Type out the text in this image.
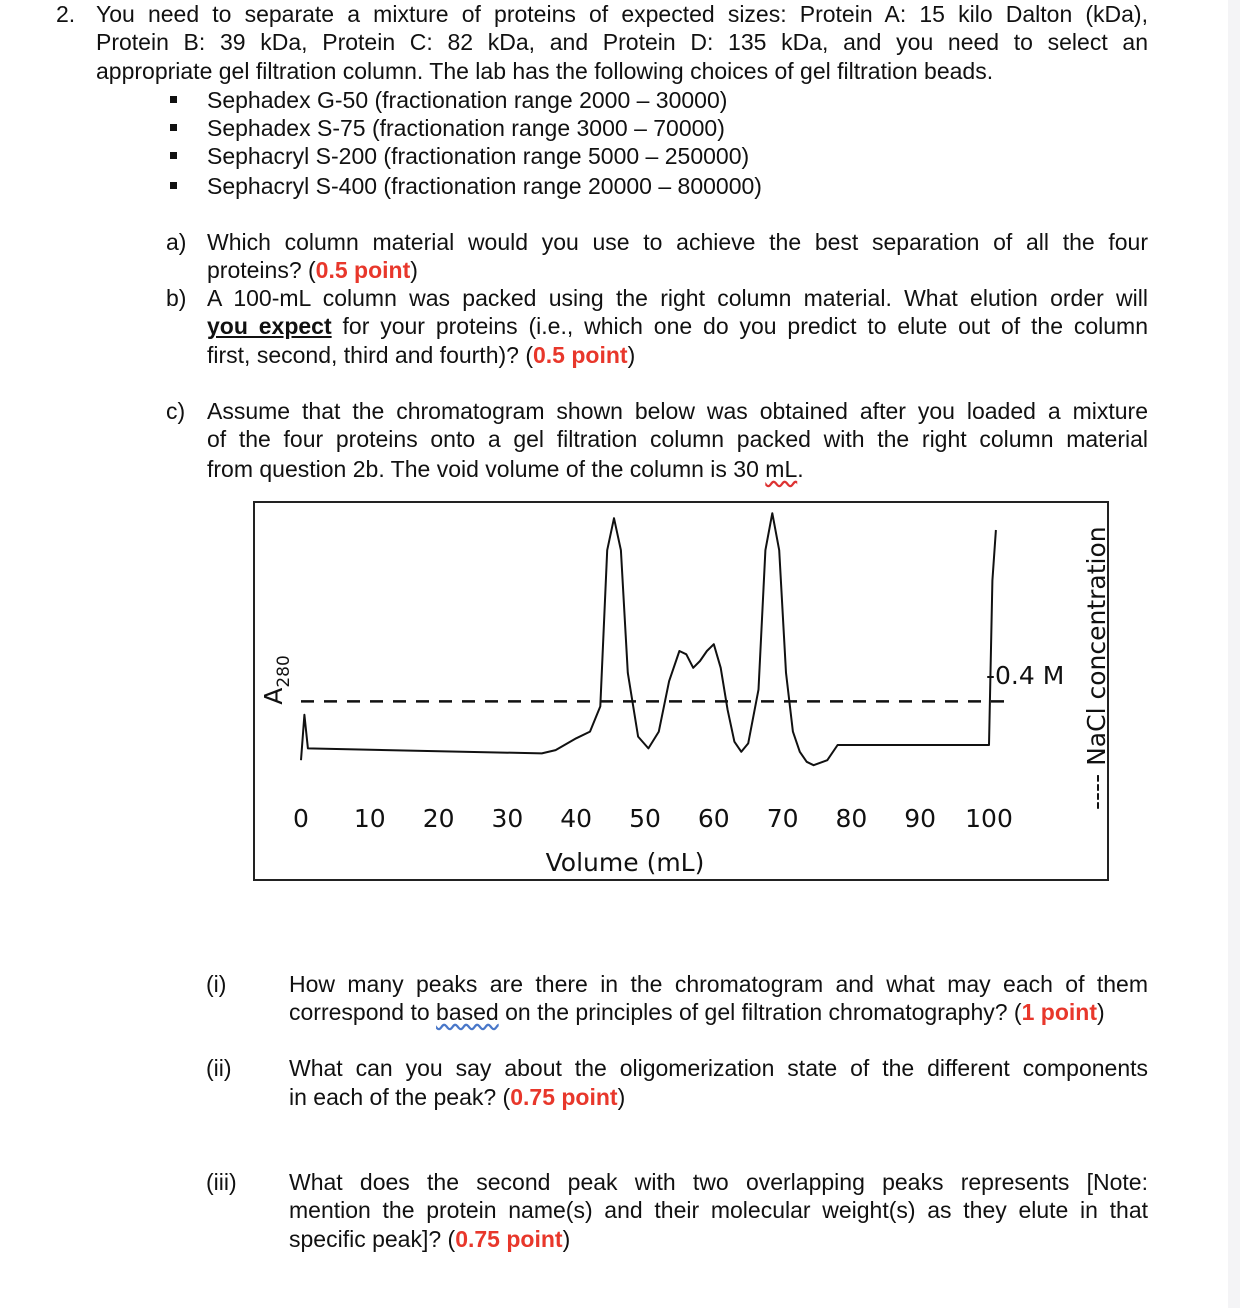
2. You need to separate a mixture of proteins of expected sizes: Protein A: 15 kilo Dalton (kDa),
Protein B: 39 kDa, Protein C: 82 kDa, and Protein D: 135 kDa, and you need to select an
appropriate gel filtration column. The lab has the following choices of gel filtration beads.
Sephadex G-50 (fractionation range 2000 – 30000)
Sephadex S-75 (fractionation range 3000 – 70000)
Sephacryl S-200 (fractionation range 5000 – 250000)
Sephacryl S-400 (fractionation range 20000 – 800000)
a) Which column material would you use to achieve the best separation of all the four
proteins? (0.5 point)
b) A 100-mL column was packed using the right column material. What elution order will
you expect for your proteins (i.e., which one do you predict to elute out of the column
first, second, third and fourth)? (0.5 point)
c) Assume that the chromatogram shown below was obtained after you loaded a mixture
of the four proteins onto a gel filtration column packed with the right column material
from question 2b. The void volume of the column is 30 mL.
0 10 20 30 40 50 60 70 80 90 100
Volume (mL)
-0.4 M
$A_{280}$
----NaCl concentration
(i)	How many peaks are there in the chromatogram and what may each of them
correspond to based on the principles of gel filtration chromatography? (1 point)
(ii) What can you say about the oligomerization state of the different components
in each of the peak? (0.75 point)
(iii) What does the second peak with two overlapping peaks represents [Note:
mention the protein name(s) and their molecular weight(s) as they elute in that
specific peak]? (0.75 point)
